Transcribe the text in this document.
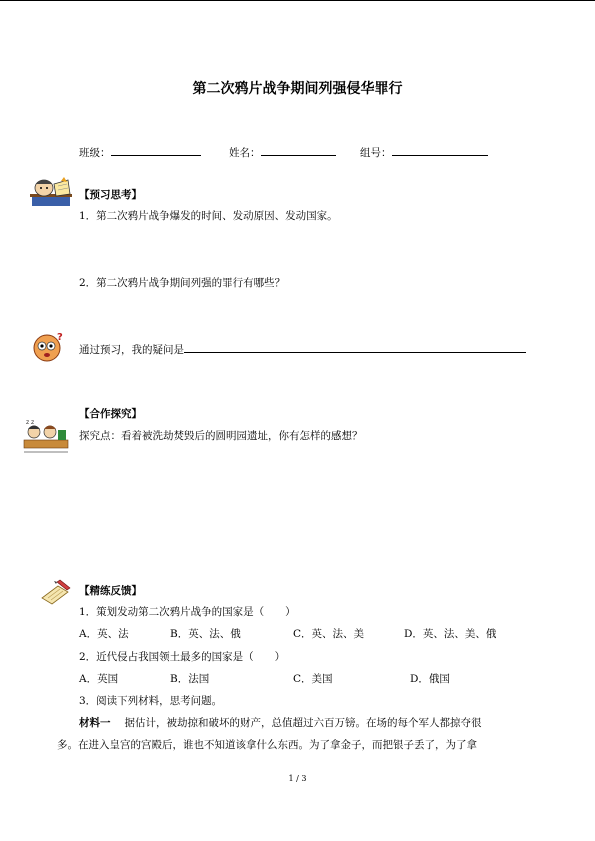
第二次鸦片战争期间列强侵华罪行
班级：	姓名：	组号：
【预习思考】
1．第二次鸦片战争爆发的时间、发动原因、发动国家。
2．第二次鸦片战争期间列强的罪行有哪些？
?
通过预习，我的疑问是
z z
【合作探究】
探究点：看着被洗劫焚毁后的圆明园遗址，你有怎样的感想？
【精练反馈】
1．策划发动第二次鸦片战争的国家是（　　）
A．英、法	B．英、法、俄	C．英、法、美	D．英、法、美、俄
2．近代侵占我国领土最多的国家是（　　）
A．英国	B．法国	C．美国	D．俄国
3．阅读下列材料，思考问题。
材料一 据估计，被劫掠和破坏的财产，总值超过六百万镑。在场的每个军人都掠夺很
多。在进入皇宫的宫殿后，谁也不知道该拿什么东西。为了拿金子，而把银子丢了，为了拿
1 / 3
